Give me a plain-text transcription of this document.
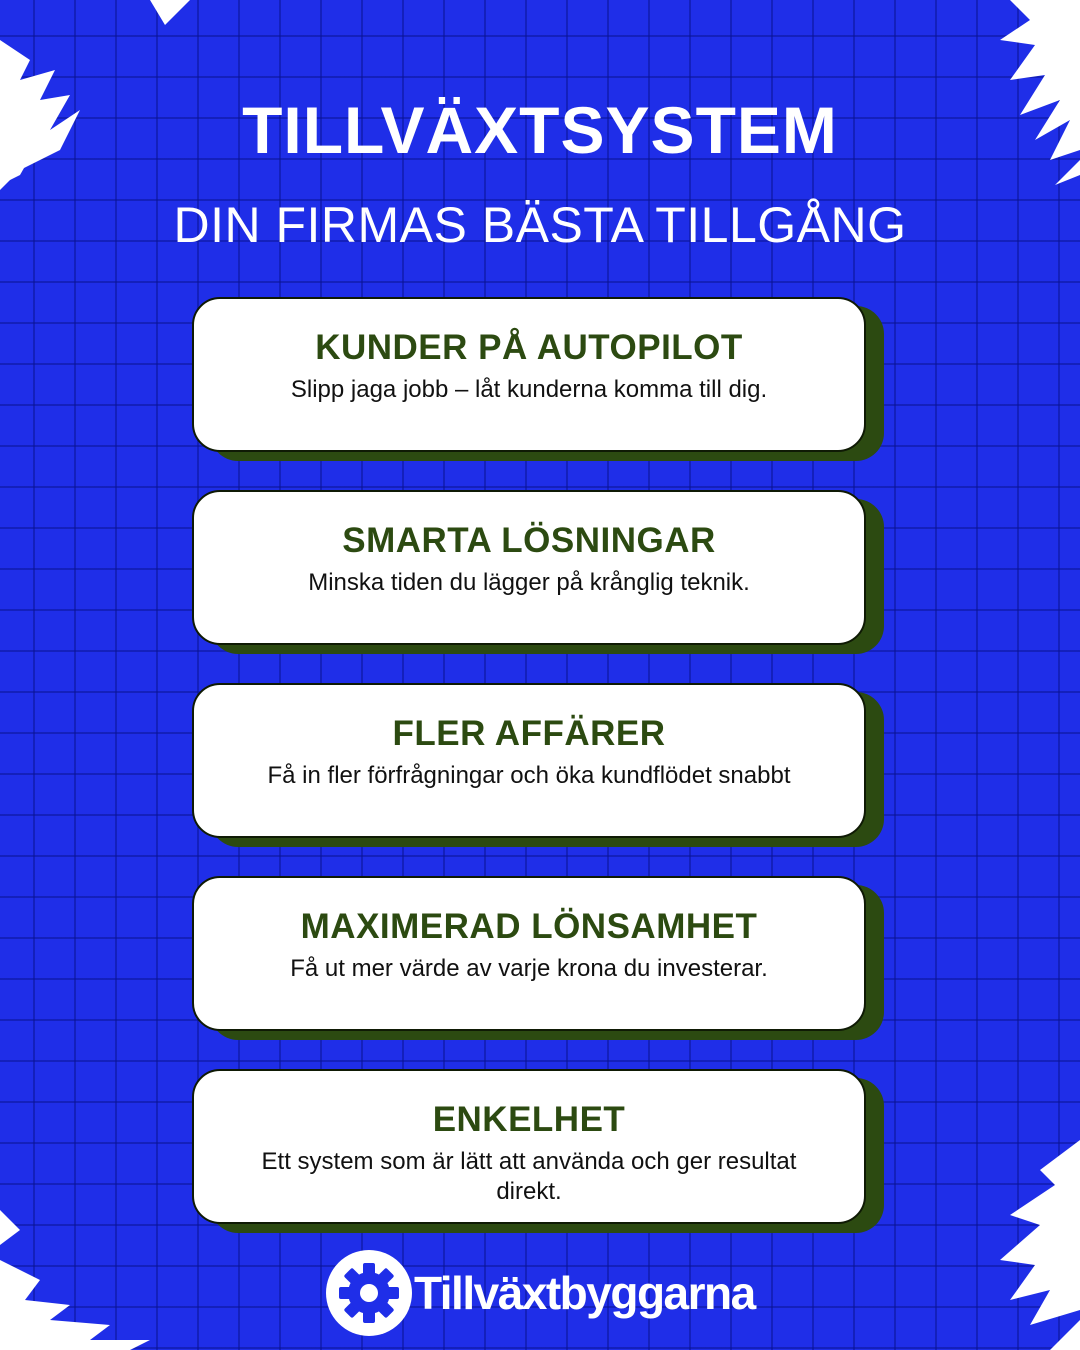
TILLVÄXTSYSTEM
DIN FIRMAS BÄSTA TILLGÅNG
KUNDER PÅ AUTOPILOT
Slipp jaga jobb – låt kunderna komma till dig.
SMARTA LÖSNINGAR
Minska tiden du lägger på krånglig teknik.
FLER AFFÄRER
Få in fler förfrågningar och öka kundflödet snabbt
MAXIMERAD LÖNSAMHET
Få ut mer värde av varje krona du investerar.
ENKELHET
Ett system som är lätt att använda och ger resultat direkt.
Tillväxtbyggarna
